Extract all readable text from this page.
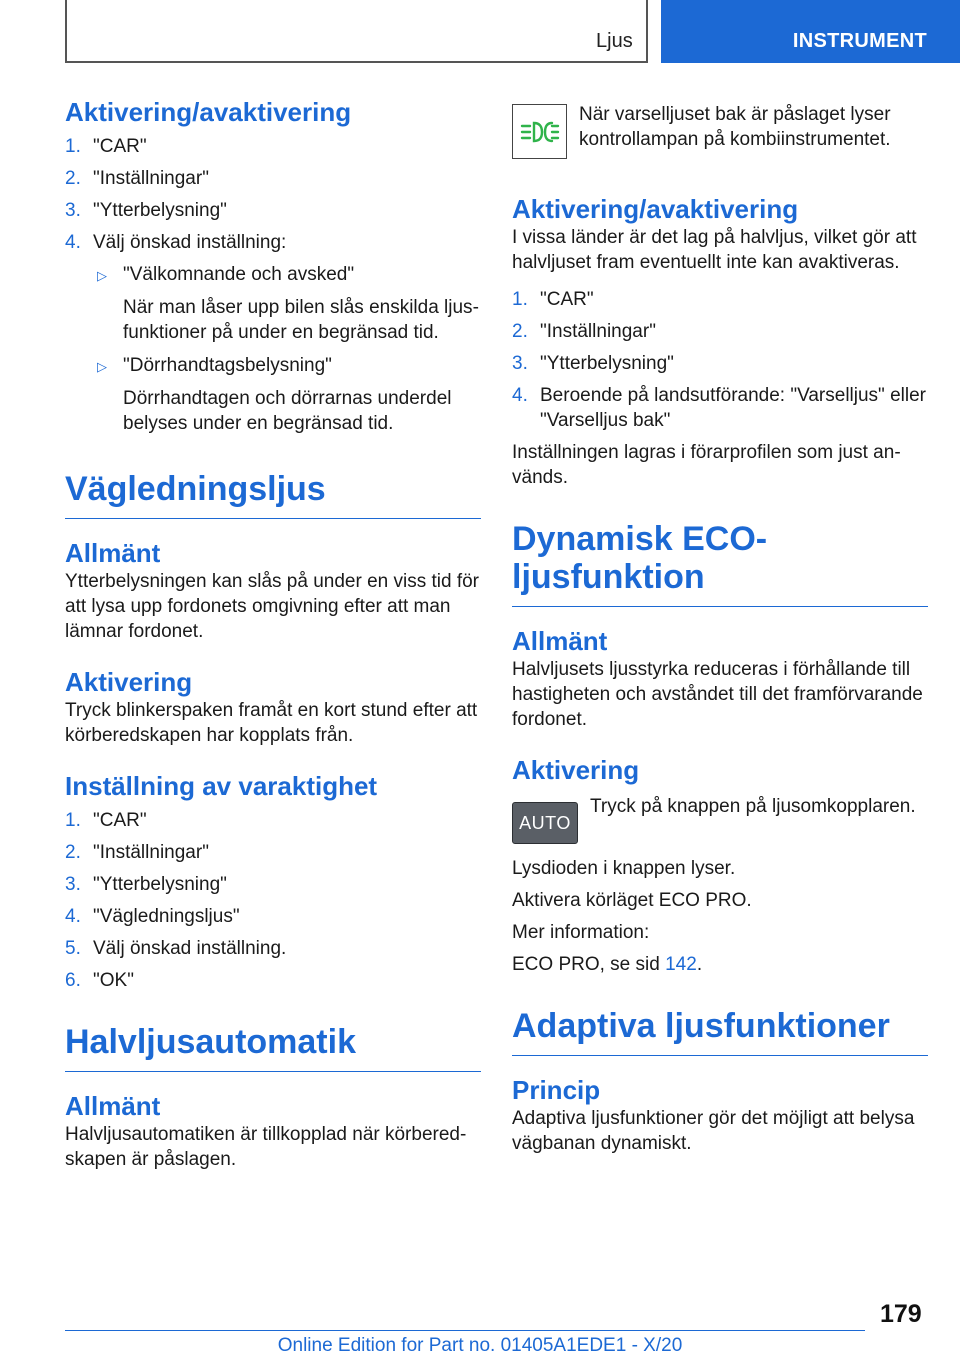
Ljus	INSTRUMENT
Aktivering/avaktivering
1. "CAR"
2. "Inställningar"
3. "Ytterbelysning"
4. Välj önskad inställning:
▷ "Välkomnande och avsked"
När man låser upp bilen slås enskilda ljusfunktioner på under en begränsad tid.
▷ "Dörrhandtagsbelysning"
Dörrhandtagen och dörrarnas underdel belyses under en begränsad tid.
Vägledningsljus
Allmänt

Ytterbelysningen kan slås på under en viss tid för att lysa upp fordonets omgivning efter att man lämnar fordonet.

Aktivering

Tryck blinkerspaken framåt en kort stund efter att körberedskapen har kopplats från.

Inställning av varaktighet
1. "CAR"
2. "Inställningar"
3. "Ytterbelysning"
4. "Vägledningsljus"
5. Välj önskad inställning.
6. "OK"
Halvljusautomatik
Allmänt

Halvljusautomatiken är tillkopplad när körberedskapen är påslagen.

När varselljuset bak är påslaget lyser kontrollampan på kombiinstrumentet.

Aktivering/avaktivering

I vissa länder är det lag på halvljus, vilket gör att halvljuset fram eventuellt inte kan avaktiveras.

1. "CAR"
2. "Inställningar"
3. "Ytterbelysning"
4. Beroende på landsutförande: "Varselljus" eller "Varselljus bak"

Inställningen lagras i förarprofilen som just används.

Dynamisk ECO-ljusfunktion
Allmänt

Halvljusets ljusstyrka reduceras i förhållande till hastigheten och avståndet till det framförvarande fordonet.

Aktivering
AUTO

Tryck på knappen på ljusomkopplaren.

Lysdioden i knappen lyser.

Aktivera körläget ECO PRO.

Mer information:

ECO PRO, se sid 142.

Adaptiva ljusfunktioner
Princip

Adaptiva ljusfunktioner gör det möjligt att belysa vägbanan dynamiskt.

179
Online Edition for Part no. 01405A1EDE1 - X/20
